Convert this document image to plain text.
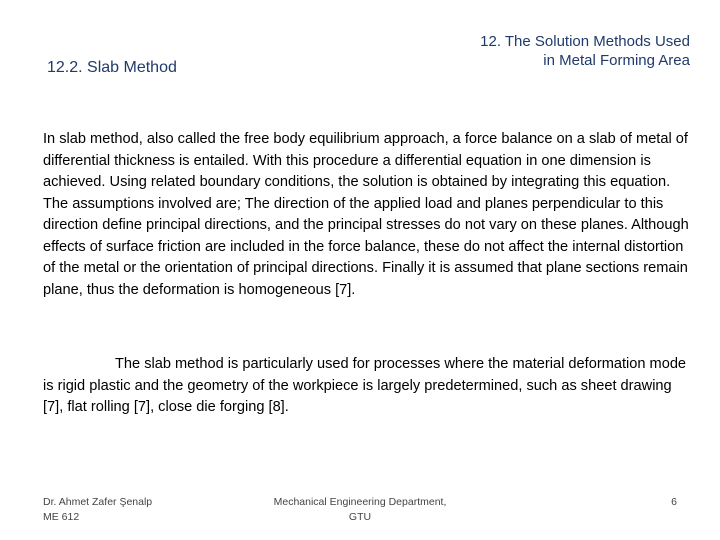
12. The Solution Methods Used
in Metal Forming Area
12.2. Slab Method

In slab method, also called the free body equilibrium approach, a force balance on a slab of metal of differential thickness is entailed. With this procedure a differential equation in one dimension is achieved. Using related boundary conditions, the solution is obtained by integrating this equation. The assumptions involved are; The direction of the applied load and planes perpendicular to this direction define principal directions, and the principal stresses do not vary on these planes. Although effects of surface friction are included in the force balance, these do not affect the internal distortion of the metal or the orientation of principal directions. Finally it is assumed that plane sections remain plane, thus the deformation is homogeneous [7].

The slab method is particularly used for processes where the material deformation mode is rigid plastic and the geometry of the workpiece is largely predetermined, such as sheet drawing [7], flat rolling [7], close die forging [8].

Dr. Ahmet Zafer Şenalp
ME 612
Mechanical Engineering Department,
GTU
6
